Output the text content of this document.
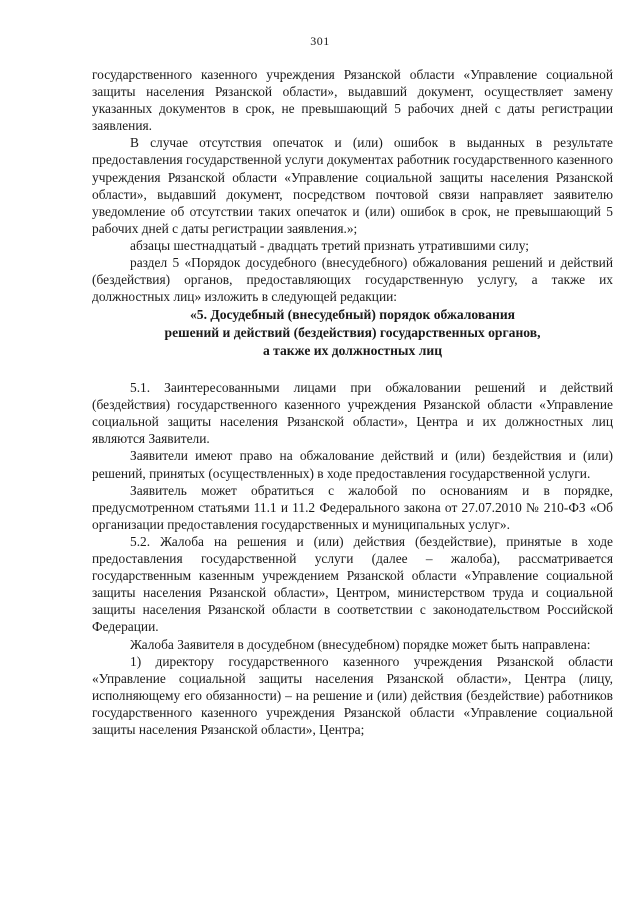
301

государственного казенного учреждения Рязанской области «Управление социальной защиты населения Рязанской области», выдавший документ, осуществляет замену указанных документов в срок, не превышающий 5 рабочих дней с даты регистрации заявления.

В случае отсутствия опечаток и (или) ошибок в выданных в результате предоставления государственной услуги документах работник государственного казенного учреждения Рязанской области «Управление социальной защиты населения Рязанской области», выдавший документ, посредством почтовой связи направляет заявителю уведомление об отсутствии таких опечаток и (или) ошибок в срок, не превышающий 5 рабочих дней с даты регистрации заявления.»;

абзацы шестнадцатый - двадцать третий признать утратившими силу;

раздел 5 «Порядок досудебного (внесудебного) обжалования решений и действий (бездействия) органов, предоставляющих государственную услугу, а также их должностных лиц» изложить в следующей редакции:

«5. Досудебный (внесудебный) порядок обжалования
решений и действий (бездействия) государственных органов,
а также их должностных лиц

5.1. Заинтересованными лицами при обжаловании решений и действий (бездействия) государственного казенного учреждения Рязанской области «Управление социальной защиты населения Рязанской области», Центра и их должностных лиц являются Заявители.

Заявители имеют право на обжалование действий и (или) бездействия и (или) решений, принятых (осуществленных) в ходе предоставления государственной услуги.

Заявитель может обратиться с жалобой по основаниям и в порядке, предусмотренном статьями 11.1 и 11.2 Федерального закона от 27.07.2010 № 210-ФЗ «Об организации предоставления государственных и муниципальных услуг».

5.2. Жалоба на решения и (или) действия (бездействие), принятые в ходе предоставления государственной услуги (далее – жалоба), рассматривается государственным казенным учреждением Рязанской области «Управление социальной защиты населения Рязанской области», Центром, министерством труда и социальной защиты населения Рязанской области в соответствии с законодательством Российской Федерации.

Жалоба Заявителя в досудебном (внесудебном) порядке может быть направлена:

1) директору государственного казенного учреждения Рязанской области «Управление социальной защиты населения Рязанской области», Центра (лицу, исполняющему его обязанности) – на решение и (или) действия (бездействие) работников государственного казенного учреждения Рязанской области «Управление социальной защиты населения Рязанской области», Центра;
